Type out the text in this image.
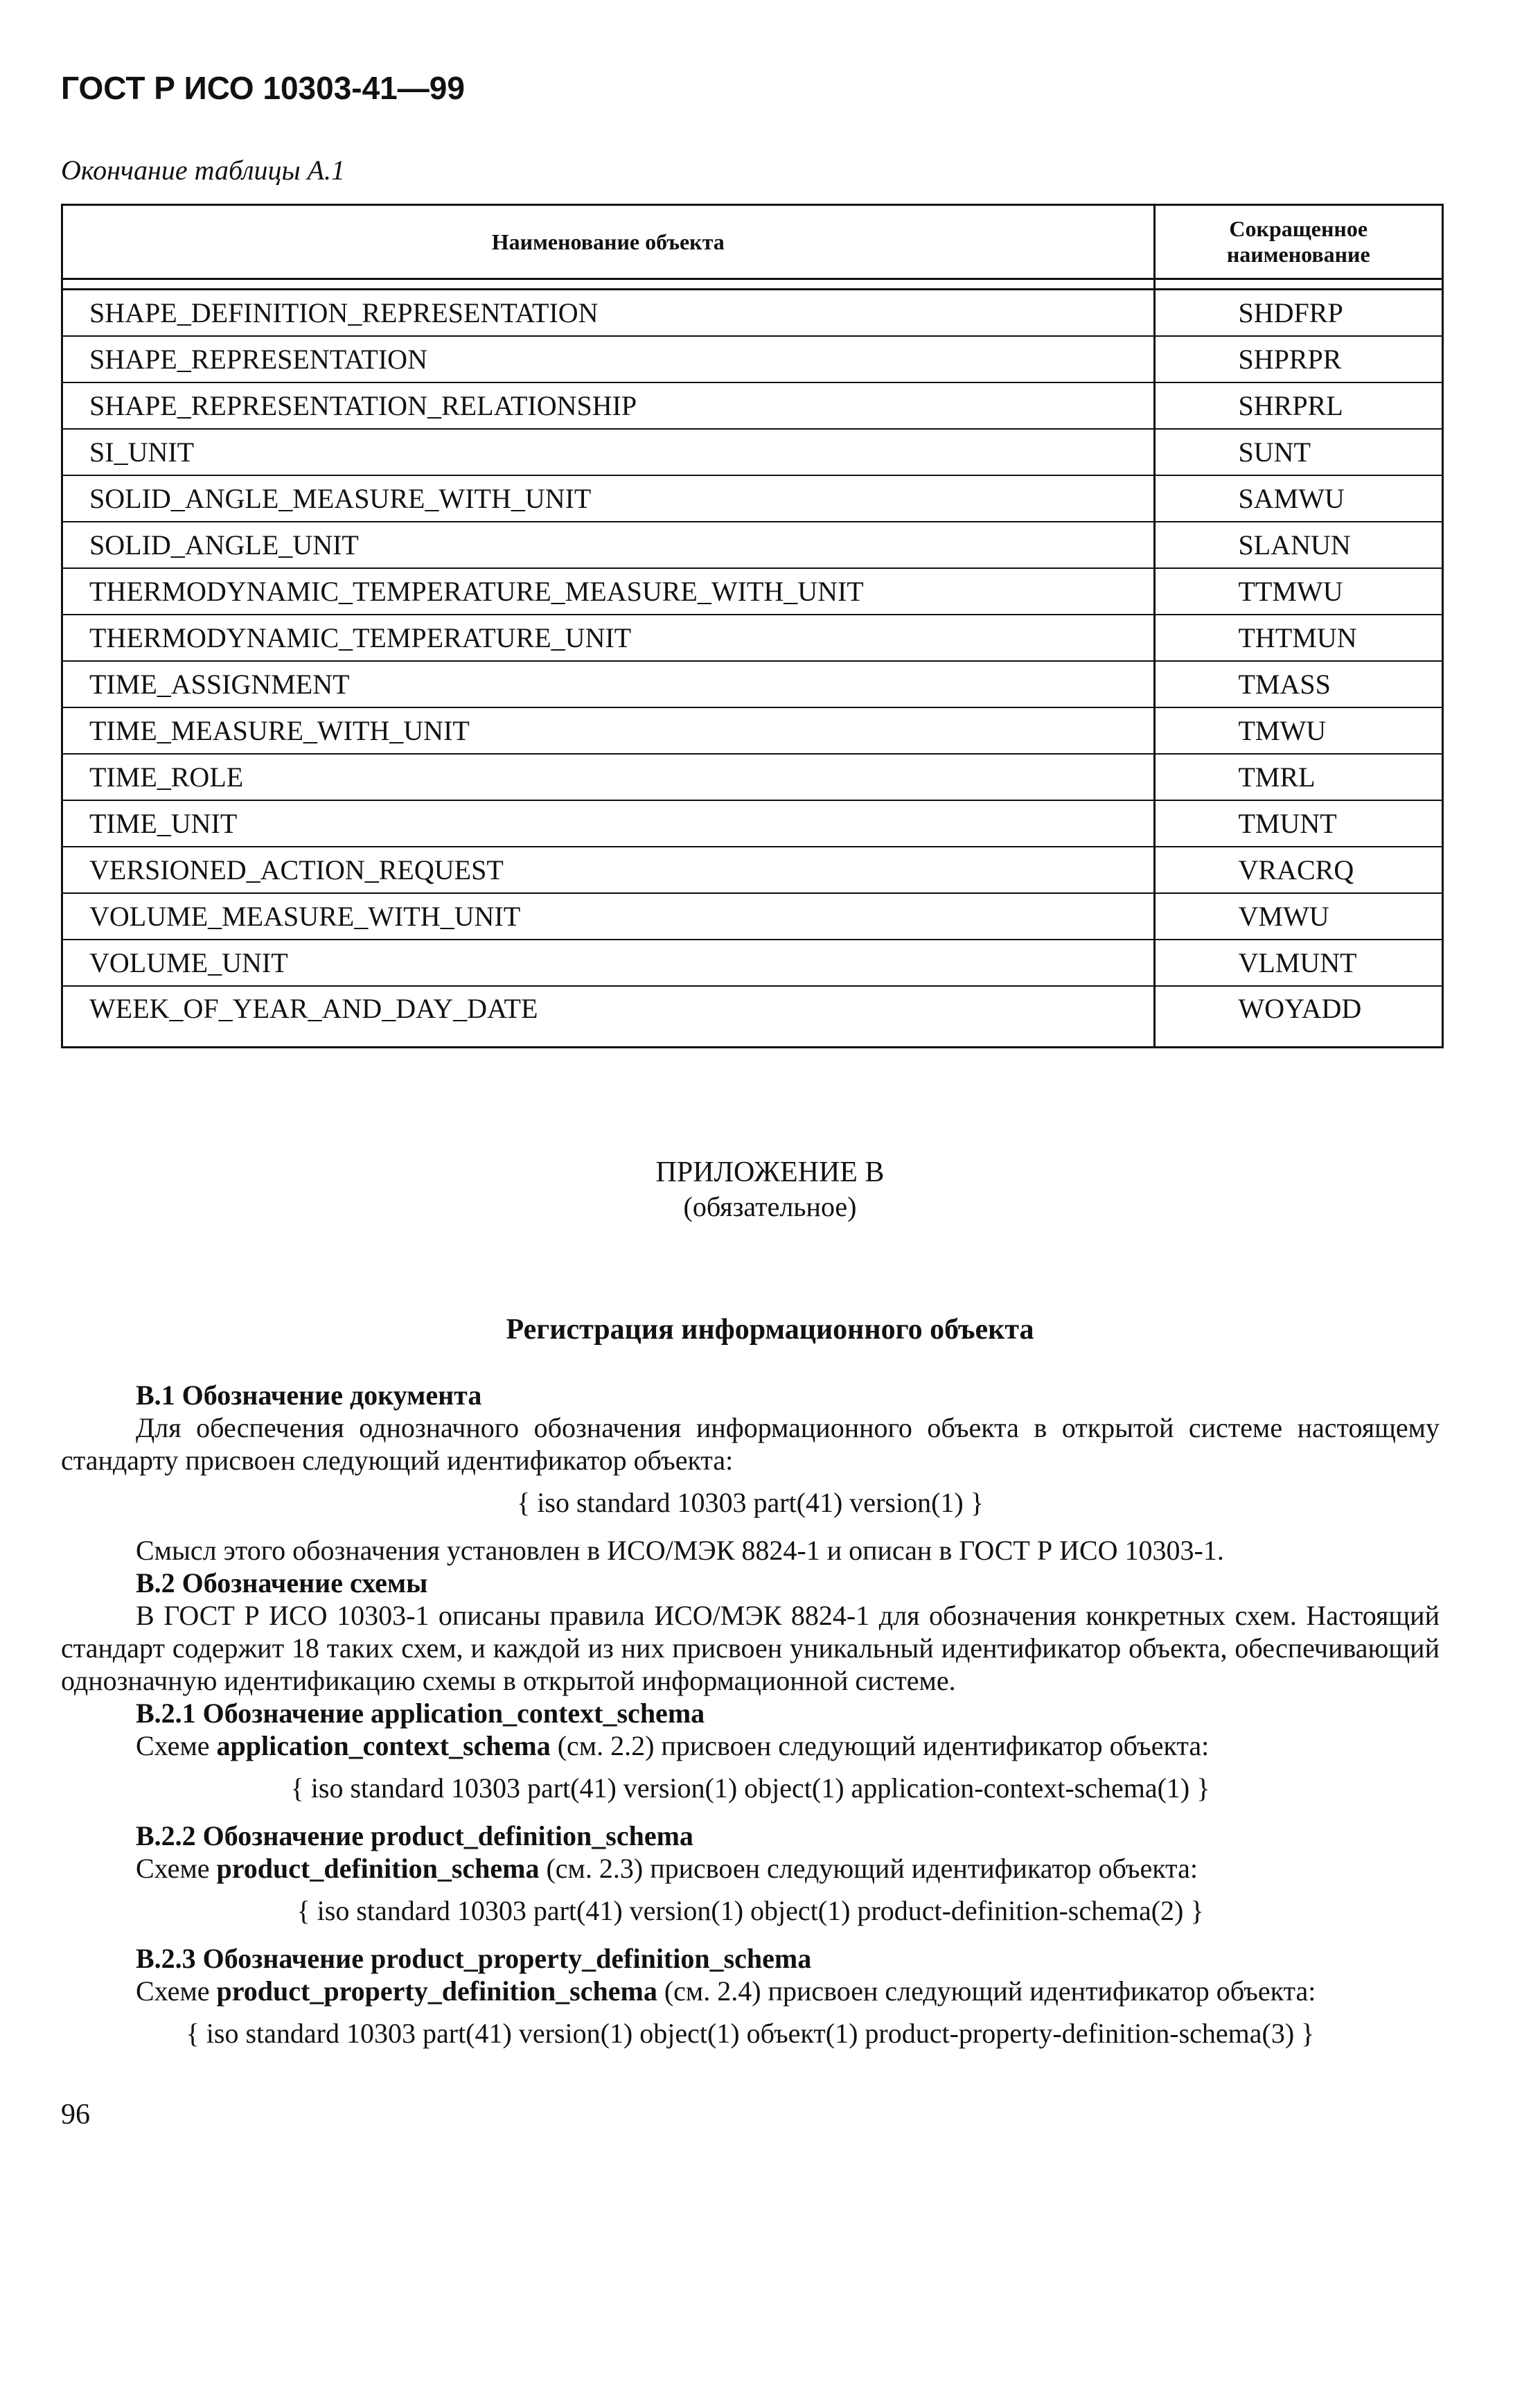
ГОСТ Р ИСО 10303-41—99

Окончание таблицы А.1

Наименование объекта	Сокращенное наименование

SHAPE_DEFINITION_REPRESENTATION	SHDFRP
SHAPE_REPRESENTATION	SHPRPR
SHAPE_REPRESENTATION_RELATIONSHIP	SHRPRL
SI_UNIT	SUNT
SOLID_ANGLE_MEASURE_WITH_UNIT	SAMWU
SOLID_ANGLE_UNIT	SLANUN
THERMODYNAMIC_TEMPERATURE_MEASURE_WITH_UNIT	TTMWU
THERMODYNAMIC_TEMPERATURE_UNIT	THTMUN
TIME_ASSIGNMENT	TMASS
TIME_MEASURE_WITH_UNIT	TMWU
TIME_ROLE	TMRL
TIME_UNIT	TMUNT
VERSIONED_ACTION_REQUEST	VRACRQ
VOLUME_MEASURE_WITH_UNIT	VMWU
VOLUME_UNIT	VLMUNT
WEEK_OF_YEAR_AND_DAY_DATE	WOYADD

ПРИЛОЖЕНИЕ В

(обязательное)

Регистрация информационного объекта

В.1 Обозначение документа

Для обеспечения однозначного обозначения информационного объекта в открытой системе настоящему стандарту присвоен следующий идентификатор объекта:

{ iso standard 10303 part(41) version(1) }

Смысл этого обозначения установлен в ИСО/МЭК 8824-1 и описан в ГОСТ Р ИСО 10303-1.

В.2 Обозначение схемы

В ГОСТ Р ИСО 10303-1 описаны правила ИСО/МЭК 8824-1 для обозначения конкретных схем. Настоящий стандарт содержит 18 таких схем, и каждой из них присвоен уникальный идентификатор объекта, обеспечивающий однозначную идентификацию схемы в открытой информационной системе.

В.2.1 Обозначение application_context_schema

Схеме application_context_schema (см. 2.2) присвоен следующий идентификатор объекта:

{ iso standard 10303 part(41) version(1) object(1) application-context-schema(1) }

В.2.2 Обозначение product_definition_schema

Схеме product_definition_schema (см. 2.3) присвоен следующий идентификатор объекта:

{ iso standard 10303 part(41) version(1) object(1) product-definition-schema(2) }

В.2.3 Обозначение product_property_definition_schema

Схеме product_property_definition_schema (см. 2.4) присвоен следующий идентификатор объекта:

{ iso standard 10303 part(41) version(1) object(1) объект(1) product-property-definition-schema(3) }

96
